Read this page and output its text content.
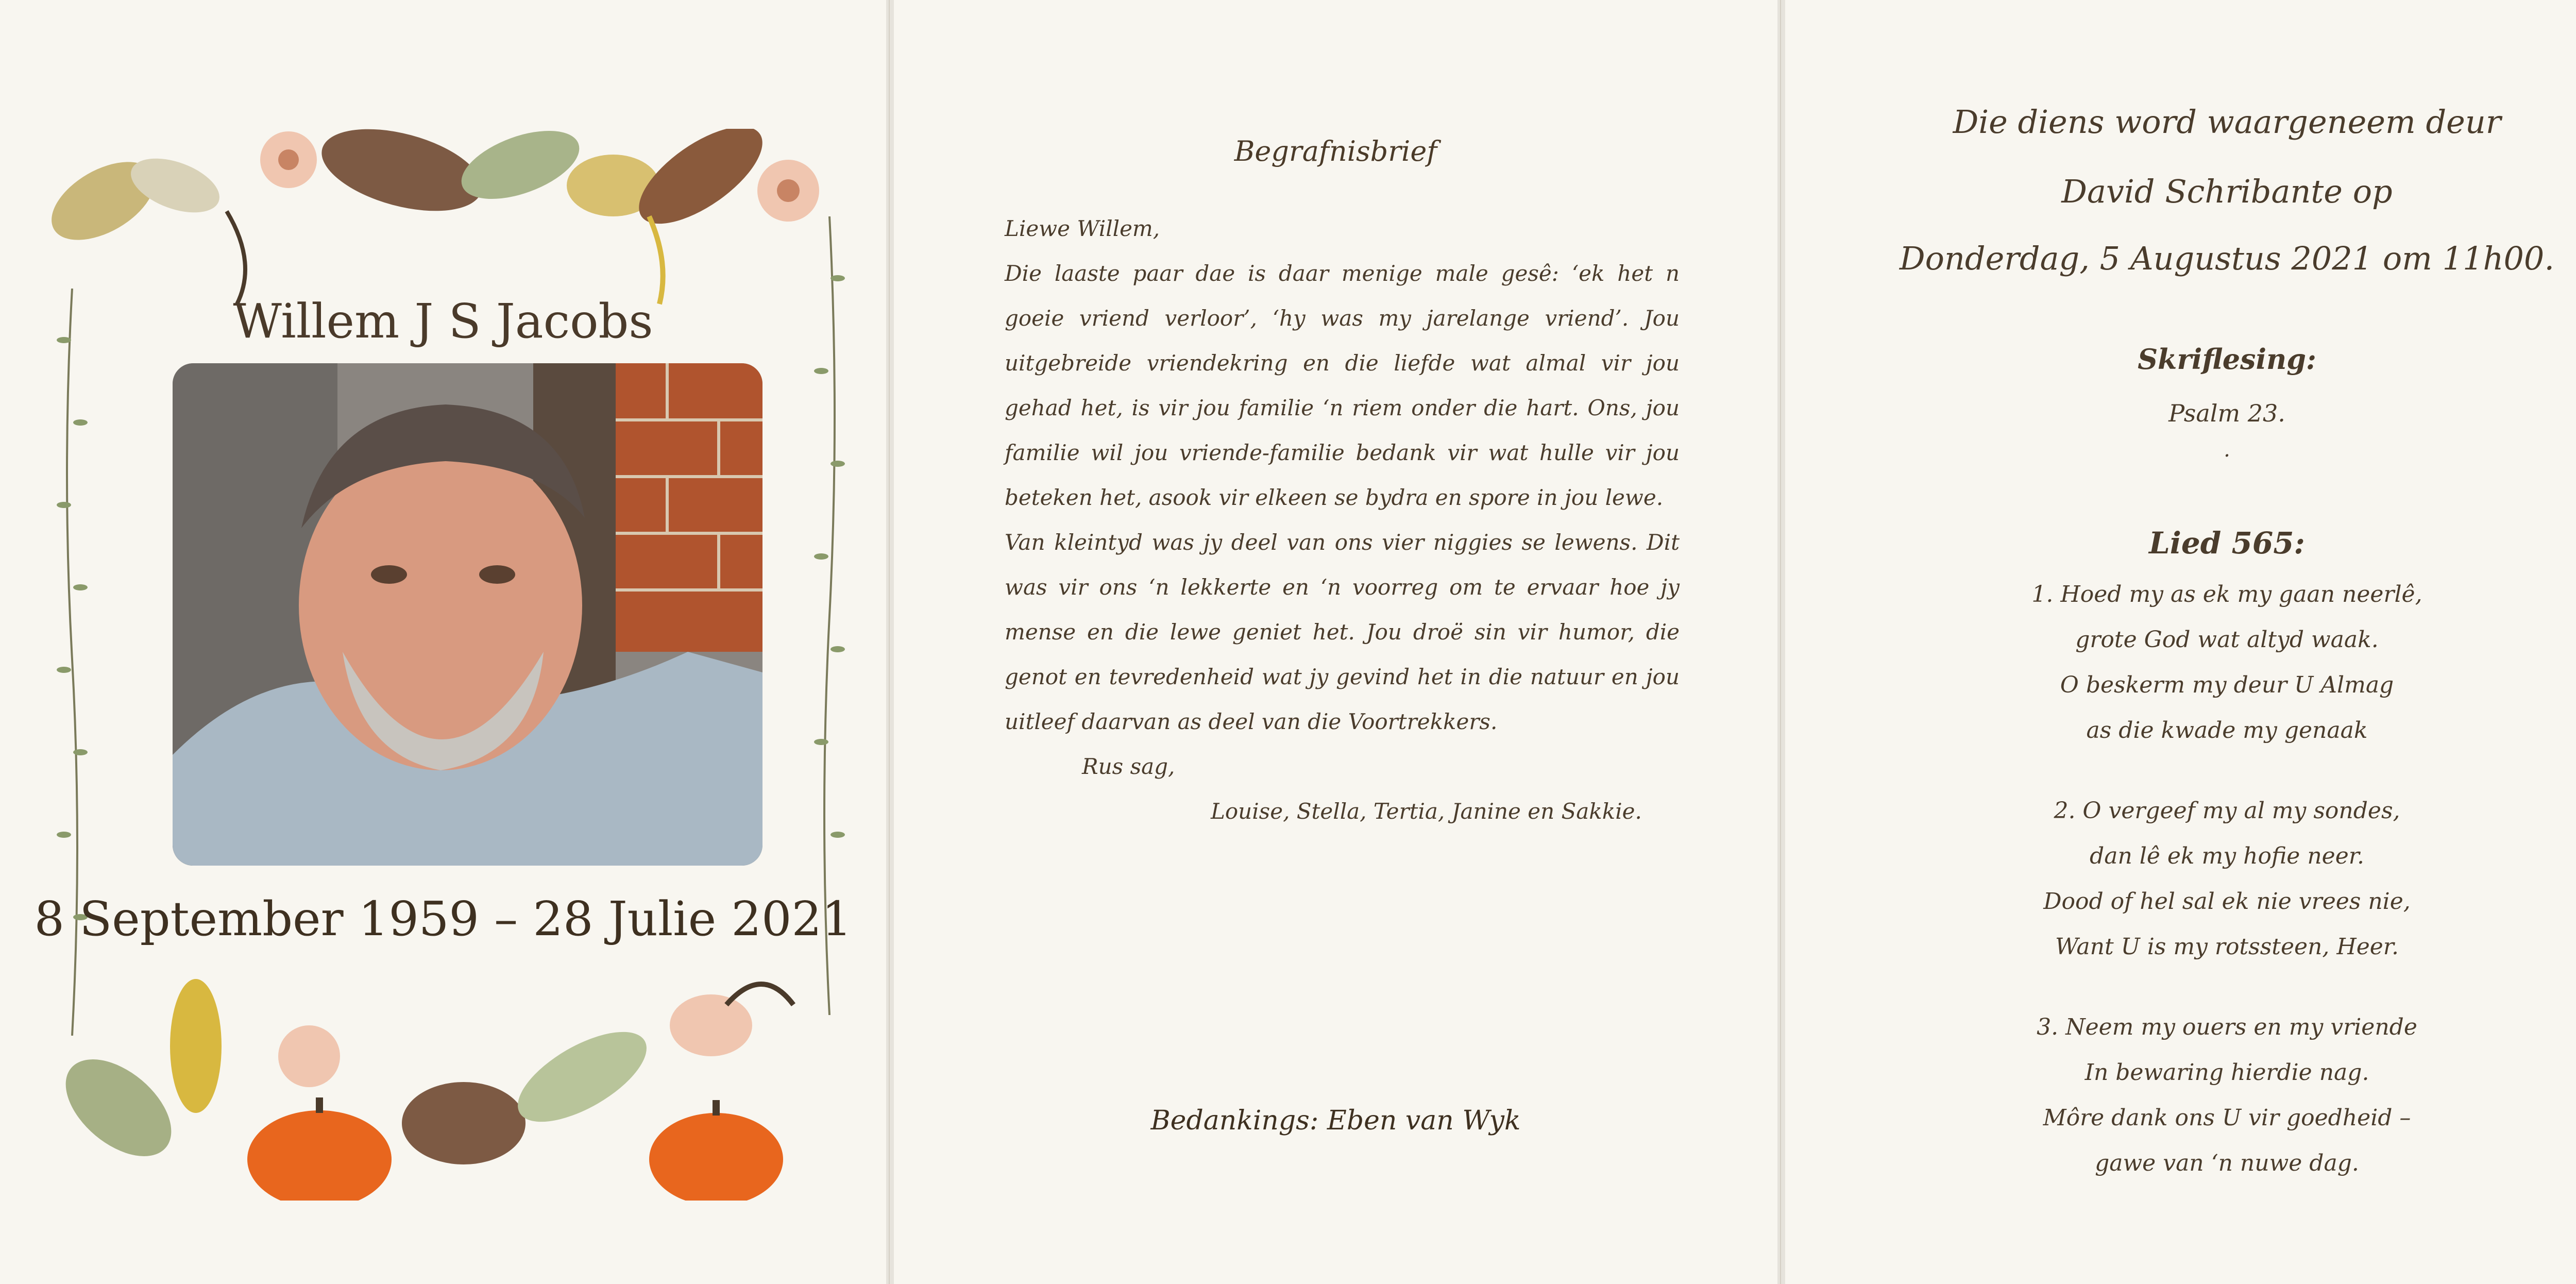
Willem J S Jacobs
8 September 1959 – 28 Julie 2021
Begrafnisbrief

Liewe Willem,

Die laaste paar dae is daar menige male gesê: ‘ek het n goeie vriend verloor’, ‘hy was my jarelange vriend’. Jou uitgebreide vriendekring en die liefde wat almal vir jou gehad het, is vir jou familie ‘n riem onder die hart. Ons, jou familie wil jou vriende-familie bedank vir wat hulle vir jou beteken het, asook vir elkeen se bydra en spore in jou lewe.

Van kleintyd was jy deel van ons vier niggies se lewens. Dit was vir ons ‘n lekkerte en ‘n voorreg om te ervaar hoe jy mense en die lewe geniet het. Jou droë sin vir humor, die genot en tevredenheid wat jy gevind het in die natuur en jou uitleef daarvan as deel van die Voortrekkers.

Rus sag,

Louise, Stella, Tertia, Janine en Sakkie.

Bedankings: Eben van Wyk
Die diens word waargeneem deur
David Schribante op
Donderdag, 5 Augustus 2021 om 11h00.
Skriflesing:
Psalm 23.
.
Lied 565:
1. Hoed my as ek my gaan neerlê,
grote God wat altyd waak.
O beskerm my deur U Almag
as die kwade my genaak
2. O vergeef my al my sondes,
dan lê ek my hofie neer.
Dood of hel sal ek nie vrees nie,
Want U is my rotssteen, Heer.
3. Neem my ouers en my vriende
In bewaring hierdie nag.
Môre dank ons U vir goedheid –
gawe van ‘n nuwe dag.
